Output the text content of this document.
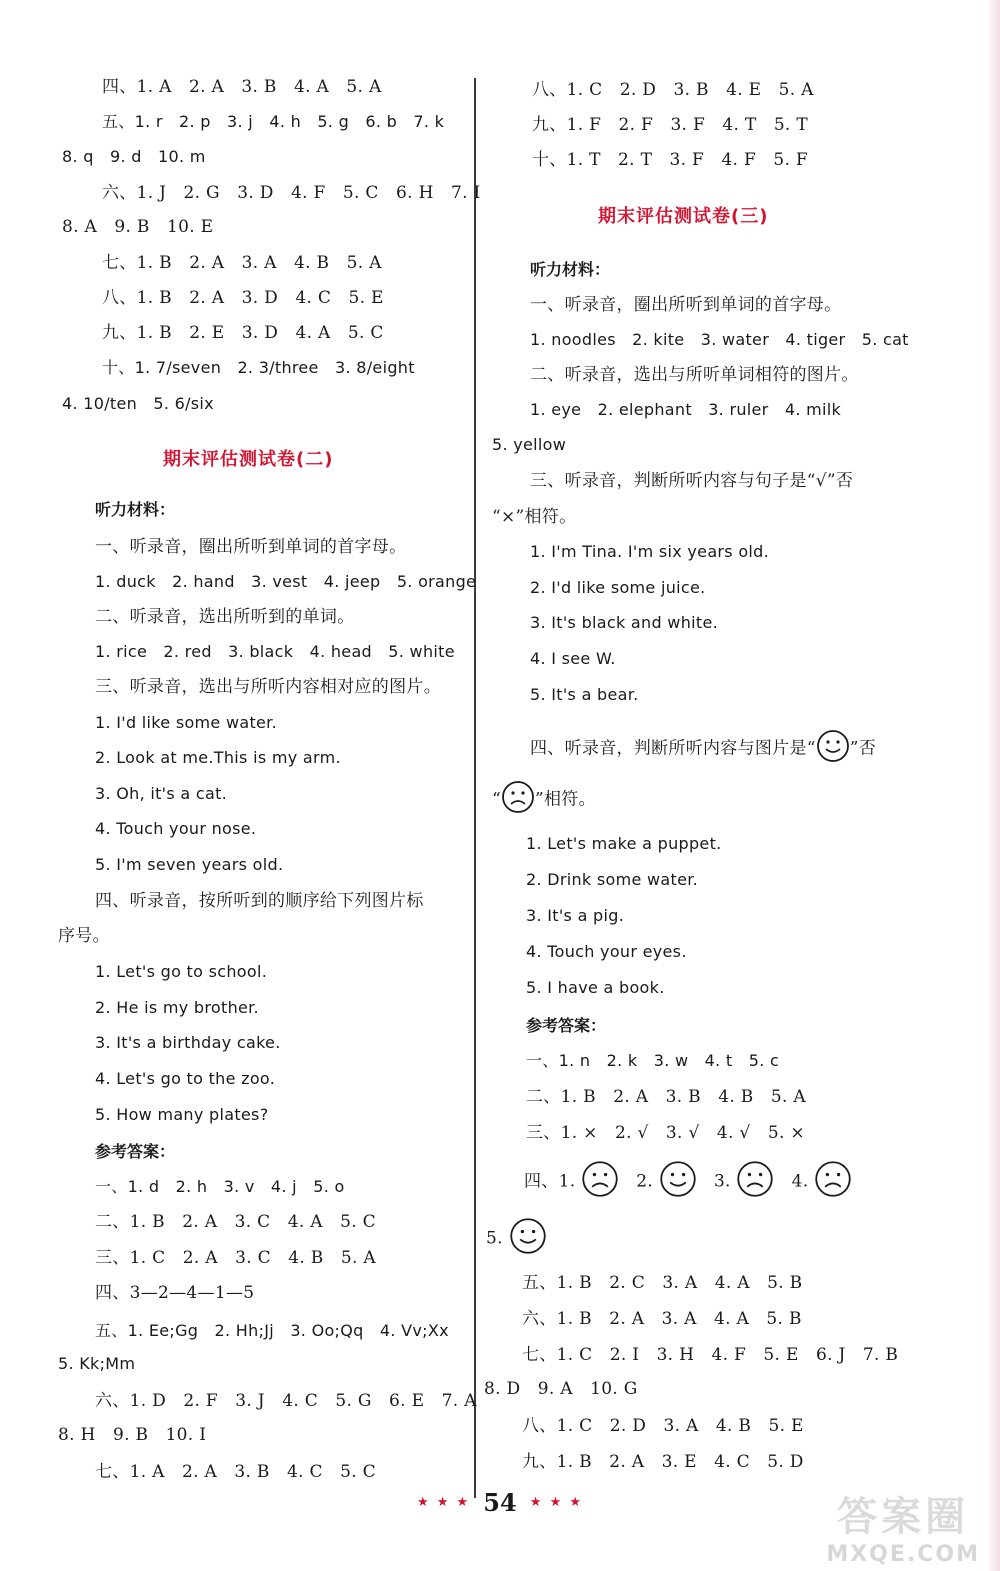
四、1. A　2. A　3. B　4. A　5. A
五、1. r　2. p　3. j　4. h　5. g　6. b　7. k
8. q　9. d　10. m
六、1. J　2. G　3. D　4. F　5. C　6. H　7. I
8. A　9. B　10. E
七、1. B　2. A　3. A　4. B　5. A
八、1. B　2. A　3. D　4. C　5. E
九、1. B　2. E　3. D　4. A　5. C
十、1. 7/seven　2. 3/three　3. 8/eight
4. 10/ten　5. 6/six
期末评估测试卷(二)
听力材料：
一、听录音，圈出所听到单词的首字母。
1. duck　2. hand　3. vest　4. jeep　5. orange
二、听录音，选出所听到的单词。
1. rice　2. red　3. black　4. head　5. white
三、听录音，选出与所听内容相对应的图片。
1. I'd like some water.
2. Look at me.This is my arm.
3. Oh, it's a cat.
4. Touch your nose.
5. I'm seven years old.
四、听录音，按所听到的顺序给下列图片标
序号。
1. Let's go to school.
2. He is my brother.
3. It's a birthday cake.
4. Let's go to the zoo.
5. How many plates?
参考答案：
一、1. d　2. h　3. v　4. j　5. o
二、1. B　2. A　3. C　4. A　5. C
三、1. C　2. A　3. C　4. B　5. A
四、3—2—4—1—5
五、1. Ee;Gg　2. Hh;Jj　3. Oo;Qq　4. Vv;Xx
5. Kk;Mm
六、1. D　2. F　3. J　4. C　5. G　6. E　7. A
8. H　9. B　10. I
七、1. A　2. A　3. B　4. C　5. C
八、1. C　2. D　3. B　4. E　5. A
九、1. F　2. F　3. F　4. T　5. T
十、1. T　2. T　3. F　4. F　5. F
期末评估测试卷(三)
听力材料：
一、听录音，圈出所听到单词的首字母。
1. noodles　2. kite　3. water　4. tiger　5. cat
二、听录音，选出与所听单词相符的图片。
1. eye　2. elephant　3. ruler　4. milk
5. yellow
三、听录音，判断所听内容与句子是“√”否
“×”相符。
1. I'm Tina. I'm six years old.
2. I'd like some juice.
3. It's black and white.
4. I see W.
5. It's a bear.
四、听录音，判断所听内容与图片是“ ”否
“ ”相符。
1. Let's make a puppet.
2. Drink some water.
3. It's a pig.
4. Touch your eyes.
5. I have a book.
参考答案：
一、1. n　2. k　3. w　4. t　5. c
二、1. B　2. A　3. B　4. B　5. A
三、1. ×　2. √　3. √　4. √　5. ×
四、1.	2.	3.	4.
5.
五、1. B　2. C　3. A　4. A　5. B
六、1. B　2. A　3. A　4. A　5. B
七、1. C　2. I　3. H　4. F　5. E　6. J　7. B
8. D　9. A　10. G
八、1. C　2. D　3. A　4. B　5. E
九、1. B　2. A　3. E　4. C　5. D
★ ★ ★ 54 ★ ★ ★	答案圈
MXQE.COM
